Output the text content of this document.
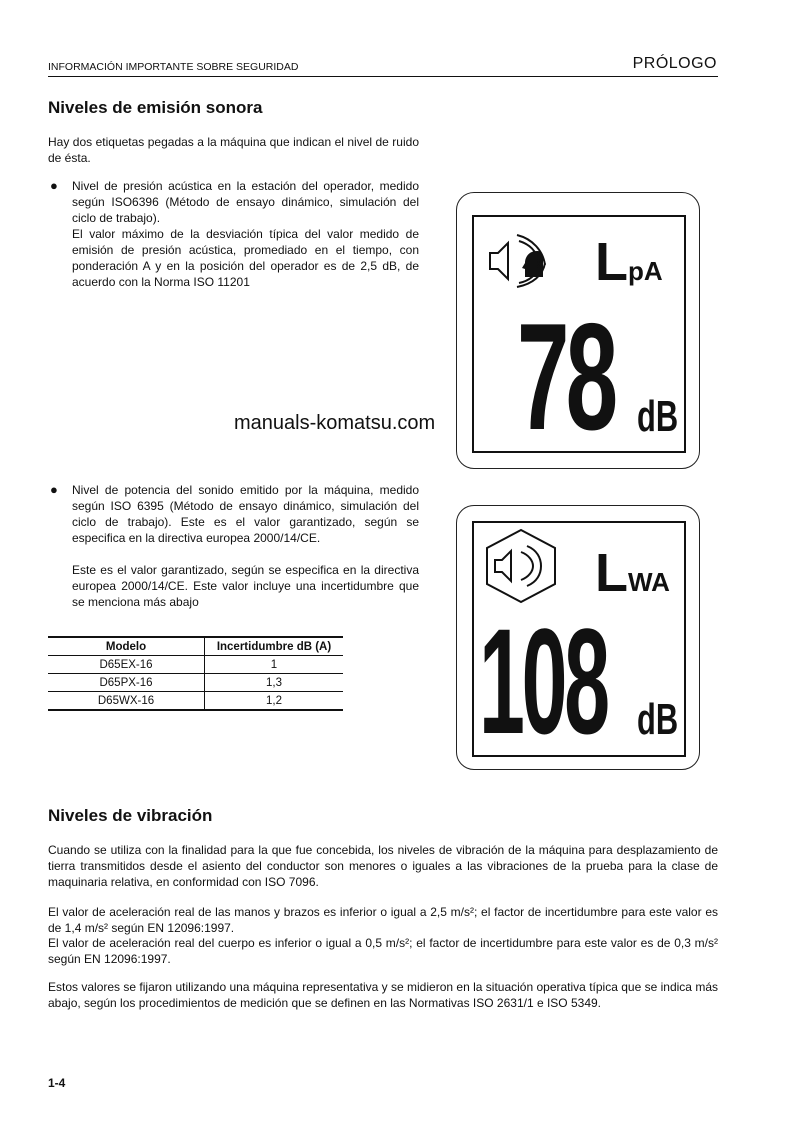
INFORMACIÓN IMPORTANTE SOBRE SEGURIDAD	PRÓLOGO
Niveles de emisión sonora

Hay dos etiquetas pegadas a la máquina que indican el nivel de ruido de ésta.

● Nivel de presión acústica en la estación del operador, medido según ISO6396 (Método de ensayo dinámico, simulación del ciclo de trabajo).

El valor máximo de la desviación típica del valor medido de emisión de presión acústica, promediado en el tiempo, con ponderación A y en la posición del operador es de 2,5 dB, de acuerdo con la Norma ISO 11201

● Nivel de potencia del sonido emitido por la máquina, medido según ISO 6395 (Método de ensayo dinámico, simulación del ciclo de trabajo). Este es el valor garantizado, según se especifica en la directiva europea 2000/14/CE.

Este es el valor garantizado, según se especifica en la directiva europea 2000/14/CE. Este valor incluye una incertidumbre que se menciona más abajo

Modelo	Incertidumbre dB (A)
D65EX-16	1
D65PX-16	1,3
D65WX-16	1,2
LpA
78 dB
LWA
108 dB
manuals-komatsu.com
Niveles de vibración

Cuando se utiliza con la finalidad para la que fue concebida, los niveles de vibración de la máquina para desplazamiento de tierra transmitidos desde el asiento del conductor son menores o iguales a las vibraciones de la prueba para la clase de maquinaria relativa, en conformidad con ISO 7096.

El valor de aceleración real de las manos y brazos es inferior o igual a 2,5 m/s²; el factor de incertidumbre para este valor es de 1,4 m/s² según EN 12096:1997.

El valor de aceleración real del cuerpo es inferior o igual a 0,5 m/s²; el factor de incertidumbre para este valor es de 0,3 m/s² según EN 12096:1997.

Estos valores se fijaron utilizando una máquina representativa y se midieron en la situación operativa típica que se indica más abajo, según los procedimientos de medición que se definen en las Normativas ISO 2631/1 e ISO 5349.

1-4
